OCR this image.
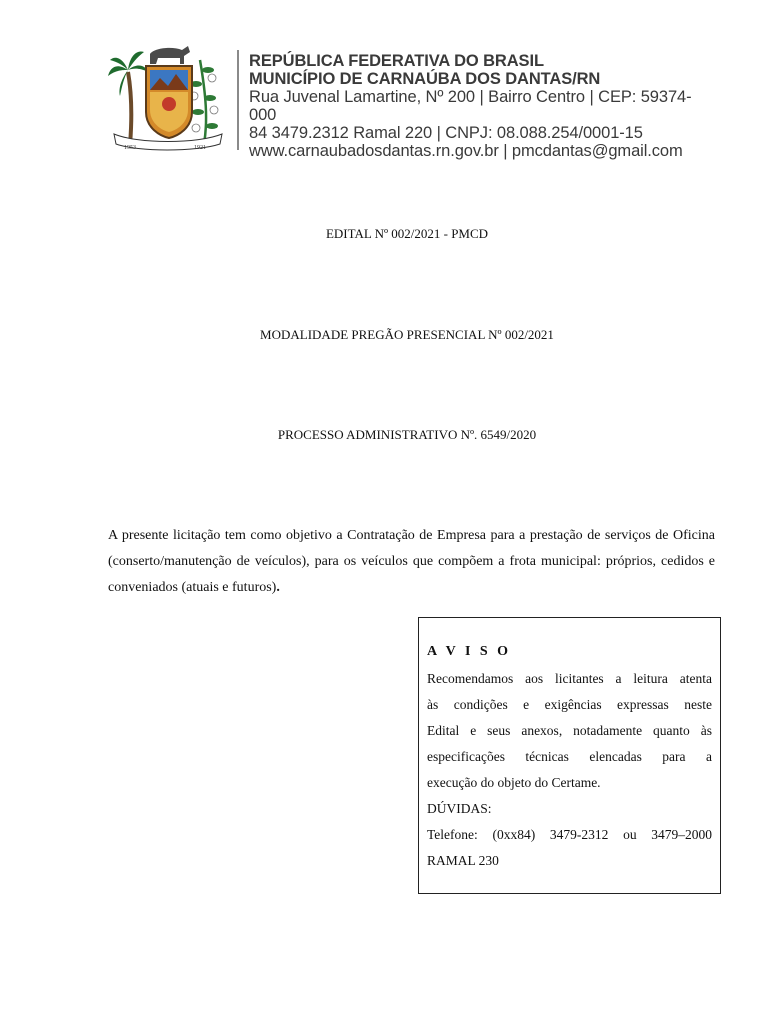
1953	1921
REPÚBLICA FEDERATIVA DO BRASIL
MUNICÍPIO DE CARNAÚBA DOS DANTAS/RN
Rua Juvenal Lamartine, Nº 200 | Bairro Centro | CEP: 59374-000
84 3479.2312 Ramal 220 | CNPJ: 08.088.254/0001-15
www.carnaubadosdantas.rn.gov.br | pmcdantas@gmail.com
EDITAL Nº 002/2021 - PMCD
MODALIDADE PREGÃO PRESENCIAL Nº 002/2021
PROCESSO ADMINISTRATIVO Nº. 6549/2020
A presente licitação tem como objetivo a Contratação de Empresa para a prestação de serviços de Oficina (conserto/manutenção de veículos), para os veículos que compõem a frota municipal: próprios, cedidos e conveniados (atuais e futuros).
A V I S O
Recomendamos aos licitantes a leitura atenta
às condições e exigências expressas neste
Edital e seus anexos, notadamente quanto às
especificações técnicas elencadas para a
execução do objeto do Certame.
DÚVIDAS:
Telefone: (0xx84) 3479-2312 ou 3479–2000
RAMAL 230
